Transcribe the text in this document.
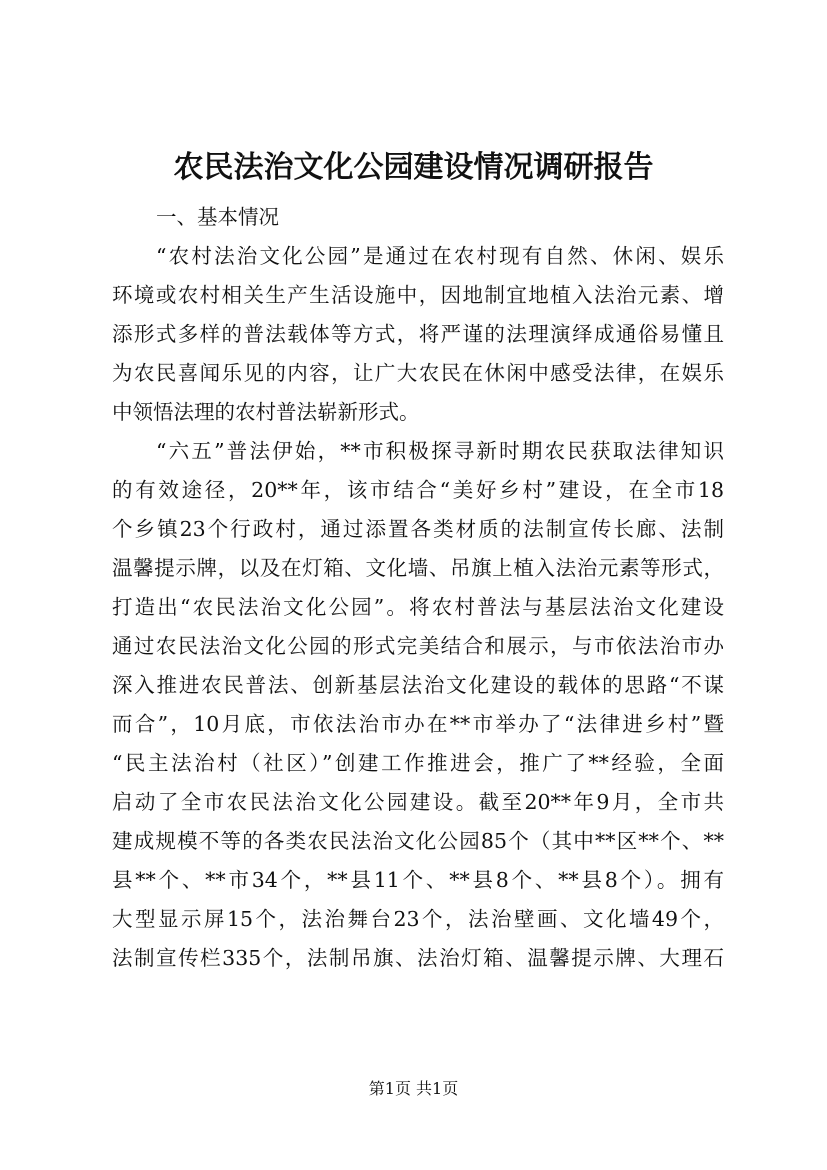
农民法治文化公园建设情况调研报告
一、基本情况
“农村法治文化公园”是通过在农村现有自然、休闲、娱乐
环境或农村相关生产生活设施中，因地制宜地植入法治元素、增
添形式多样的普法载体等方式，将严谨的法理演绎成通俗易懂且
为农民喜闻乐见的内容，让广大农民在休闲中感受法律，在娱乐
中领悟法理的农村普法崭新形式。
“六五”普法伊始，**市积极探寻新时期农民获取法律知识
的有效途径，20**年，该市结合“美好乡村”建设，在全市18
个乡镇23个行政村，通过添置各类材质的法制宣传长廊、法制
温馨提示牌，以及在灯箱、文化墙、吊旗上植入法治元素等形式，
打造出“农民法治文化公园”。将农村普法与基层法治文化建设
通过农民法治文化公园的形式完美结合和展示，与市依法治市办
深入推进农民普法、创新基层法治文化建设的载体的思路“不谋
而合”，10月底，市依法治市办在**市举办了“法律进乡村”暨
“民主法治村（社区）”创建工作推进会，推广了**经验，全面
启动了全市农民法治文化公园建设。截至20**年9月，全市共
建成规模不等的各类农民法治文化公园85个（其中**区**个、**
县**个、**市34个，**县11个、**县8个、**县8个）。拥有
大型显示屏15个，法治舞台23个，法治壁画、文化墙49个，
法制宣传栏335个，法制吊旗、法治灯箱、温馨提示牌、大理石
第1页 共1页
